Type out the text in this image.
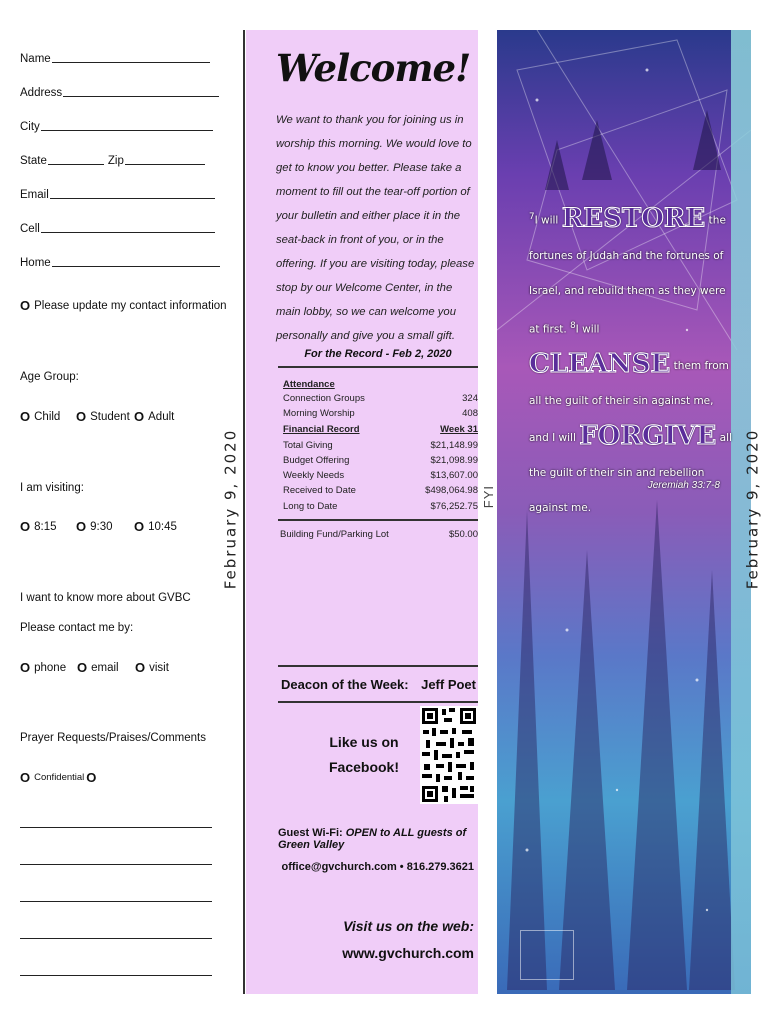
Name
Address
City
State	Zip
Email
Cell
Home
O Please update my contact information
Age Group:
O Child O Student O Adult
I am visiting:
O 8:15 O 9:30 O 10:45
I want to know more about GVBC
Please contact me by:
O phone O email O visit
Prayer Requests/Praises/Comments
O Confidential O
February 9, 2020
Welcome!
We want to thank you for joining us in worship this morning. We would love to get to know you better. Please take a moment to fill out the tear-off portion of your bulletin and either place it in the seat-back in front of you, or in the offering. If you are visiting today, please stop by our Welcome Center, in the main lobby, so we can welcome you personally and give you a small gift.
For the Record - Feb 2, 2020
Attendance
Connection Groups	324
Morning Worship	408
Financial Record	Week 31
Total Giving	$21,148.99
Budget Offering	$21,098.99
Weekly Needs	$13,607.00
Received to Date	$498,064.98
Long to Date	$76,252.75
Building Fund/Parking Lot	$50.00
Deacon of the Week: Jeff Poet
Like us on Facebook!
Guest Wi-Fi: OPEN to ALL guests of Green Valley
office@gvchurch.com • 816.279.3621
Visit us on the web:
www.gvchurch.com
FYI
$^7$I will RESTORE the fortunes of Judah and the fortunes of Israel, and rebuild them as they were at first. $^8$I will CLEANSE them from all the guilt of their sin against me, and I will FORGIVE all the guilt of their sin and rebellion against me.
Jeremiah 33:7-8 February 9, 2020
